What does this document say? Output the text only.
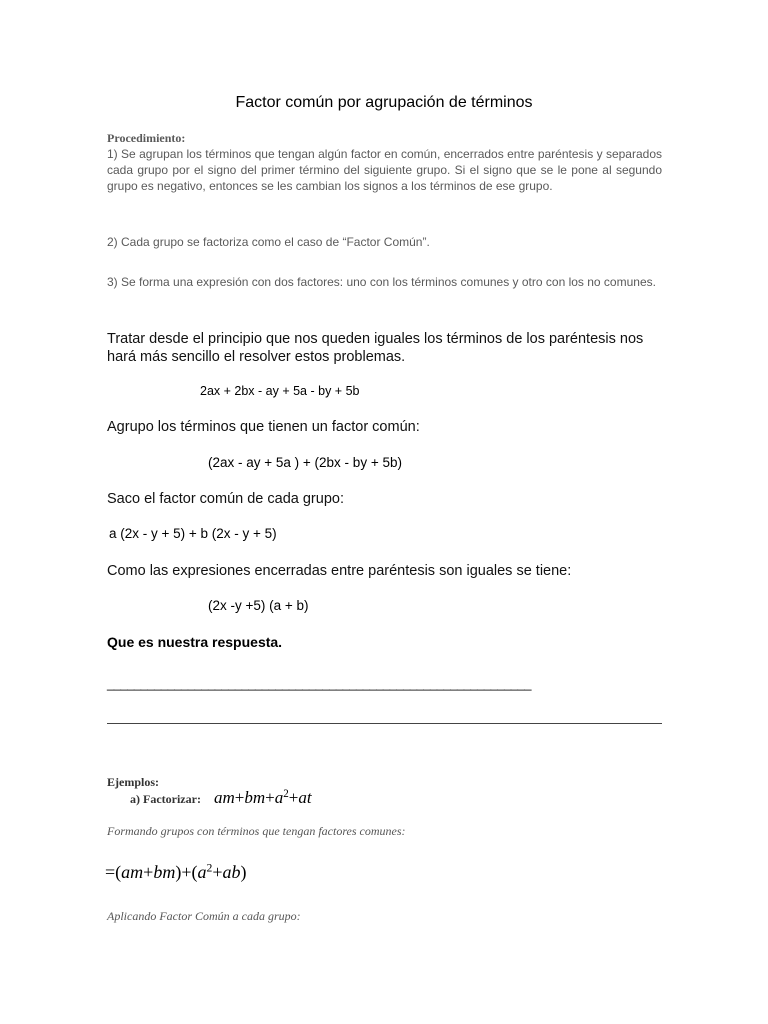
Factor común por agrupación de términos
Procedimiento:
1) Se agrupan los términos que tengan algún factor en común, encerrados entre paréntesis y separados cada grupo por el signo del primer término del siguiente grupo. Si el signo que se le pone al segundo grupo es negativo, entonces se les cambian los signos a los términos de ese grupo.
2) Cada grupo se factoriza como el caso de “Factor Común”.
3) Se forma una expresión con dos factores: uno con los términos comunes y otro con los no comunes.
Tratar desde el principio que nos queden iguales los términos de los paréntesis nos hará más sencillo el resolver estos problemas.
2ax + 2bx - ay + 5a - by + 5b
Agrupo los términos que tienen un factor común:
(2ax - ay + 5a ) + (2bx - by + 5b)
Saco el factor común de cada grupo:
a (2x - y + 5) + b (2x - y + 5)
Como las expresiones encerradas entre paréntesis son iguales se tiene:
(2x -y +5) (a + b)
Que es nuestra respuesta.
_______________________________________________________________
Ejemplos:
a) Factorizar: $am+bm+a^2+at$
Formando grupos con términos que tengan factores comunes:
$=(am+bm)+(a^2+ab)$
Aplicando Factor Común a cada grupo:
